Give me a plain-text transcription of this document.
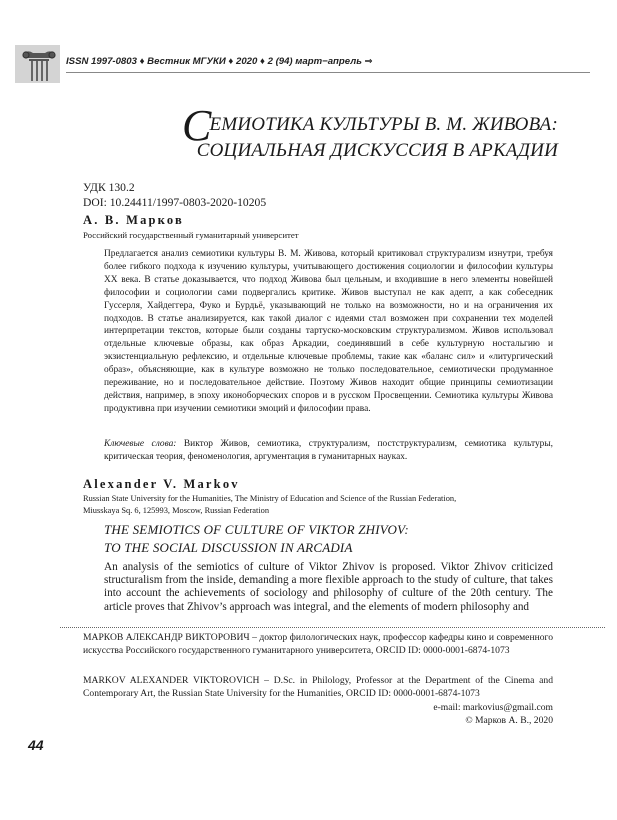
ISSN 1997-0803 ♦ Вестник МГУКИ ♦ 2020 ♦ 2 (94) март−апрель ⇒
СЕМИОТИКА КУЛЬТУРЫ В. М. ЖИВОВА:
СОЦИАЛЬНАЯ ДИСКУССИЯ В АРКАДИИ
УДК 130.2
DOI: 10.24411/1997-0803-2020-10205
А. В. Марков
Российский государственный гуманитарный университет
Предлагается анализ семиотики культуры В. М. Живова, который критиковал структурализм изнутри, требуя более гибкого подхода к изучению культуры, учитывающего достижения социологии и философии культуры XX века. В статье доказывается, что подход Живова был цельным, и входившие в него элементы новейшей философии и социологии сами подвергались критике. Живов выступал не как адепт, а как собеседник Гуссерля, Хайдеггера, Фуко и Бурдьё, указывающий не только на возможности, но и на ограничения их подходов. В статье анализируется, как такой диалог с идеями стал возможен при сохранении тех моделей интерпретации текстов, которые были созданы тартуско-московским структурализмом. Живов использовал отдельные ключевые образы, как образ Аркадии, соединявший в себе культурную ностальгию и экзистенциальную рефлексию, и отдельные ключевые проблемы, такие как «баланс сил» и «литургический образ», объясняющие, как в культуре возможно не только последовательное, семиотически продуманное переживание, но и последовательное действие. Поэтому Живов находит общие принципы семиотизации действия, например, в эпоху иконоборческих споров и в русском Просвещении. Семиотика культуры Живова продуктивна при изучении семиотики эмоций и философии права.
Ключевые слова: Виктор Живов, семиотика, структурализм, постструктурализм, семиотика культуры, критическая теория, феноменология, аргументация в гуманитарных науках.
Alexander V. Markov
Russian State University for the Humanities, The Ministry of Education and Science of the Russian Federation,
Miusskaya Sq. 6, 125993, Moscow, Russian Federation
THE SEMIOTICS OF CULTURE OF VIKTOR ZHIVOV:
TO THE SOCIAL DISCUSSION IN ARCADIA
An analysis of the semiotics of culture of Viktor Zhivov is proposed. Viktor Zhivov criticized structuralism from the inside, demanding a more flexible approach to the study of culture, that takes into account the achievements of sociology and philosophy of culture of the 20th century. The article proves that Zhivov’s approach was integral, and the elements of modern philosophy and
МАРКОВ АЛЕКСАНДР ВИКТОРОВИЧ – доктор филологических наук, профессор кафедры кино и современного искусства Российского государственного гуманитарного университета, ORCID ID: 0000-0001-6874-1073
MARKOV ALEXANDER VIKTOROVICH – D.Sc. in Philology, Professor at the Department of the Cinema and Contemporary Art, the Russian State University for the Humanities, ORCID ID: 0000-0001-6874-1073
e-mail: markovius@gmail.com
© Марков А. В., 2020
44
